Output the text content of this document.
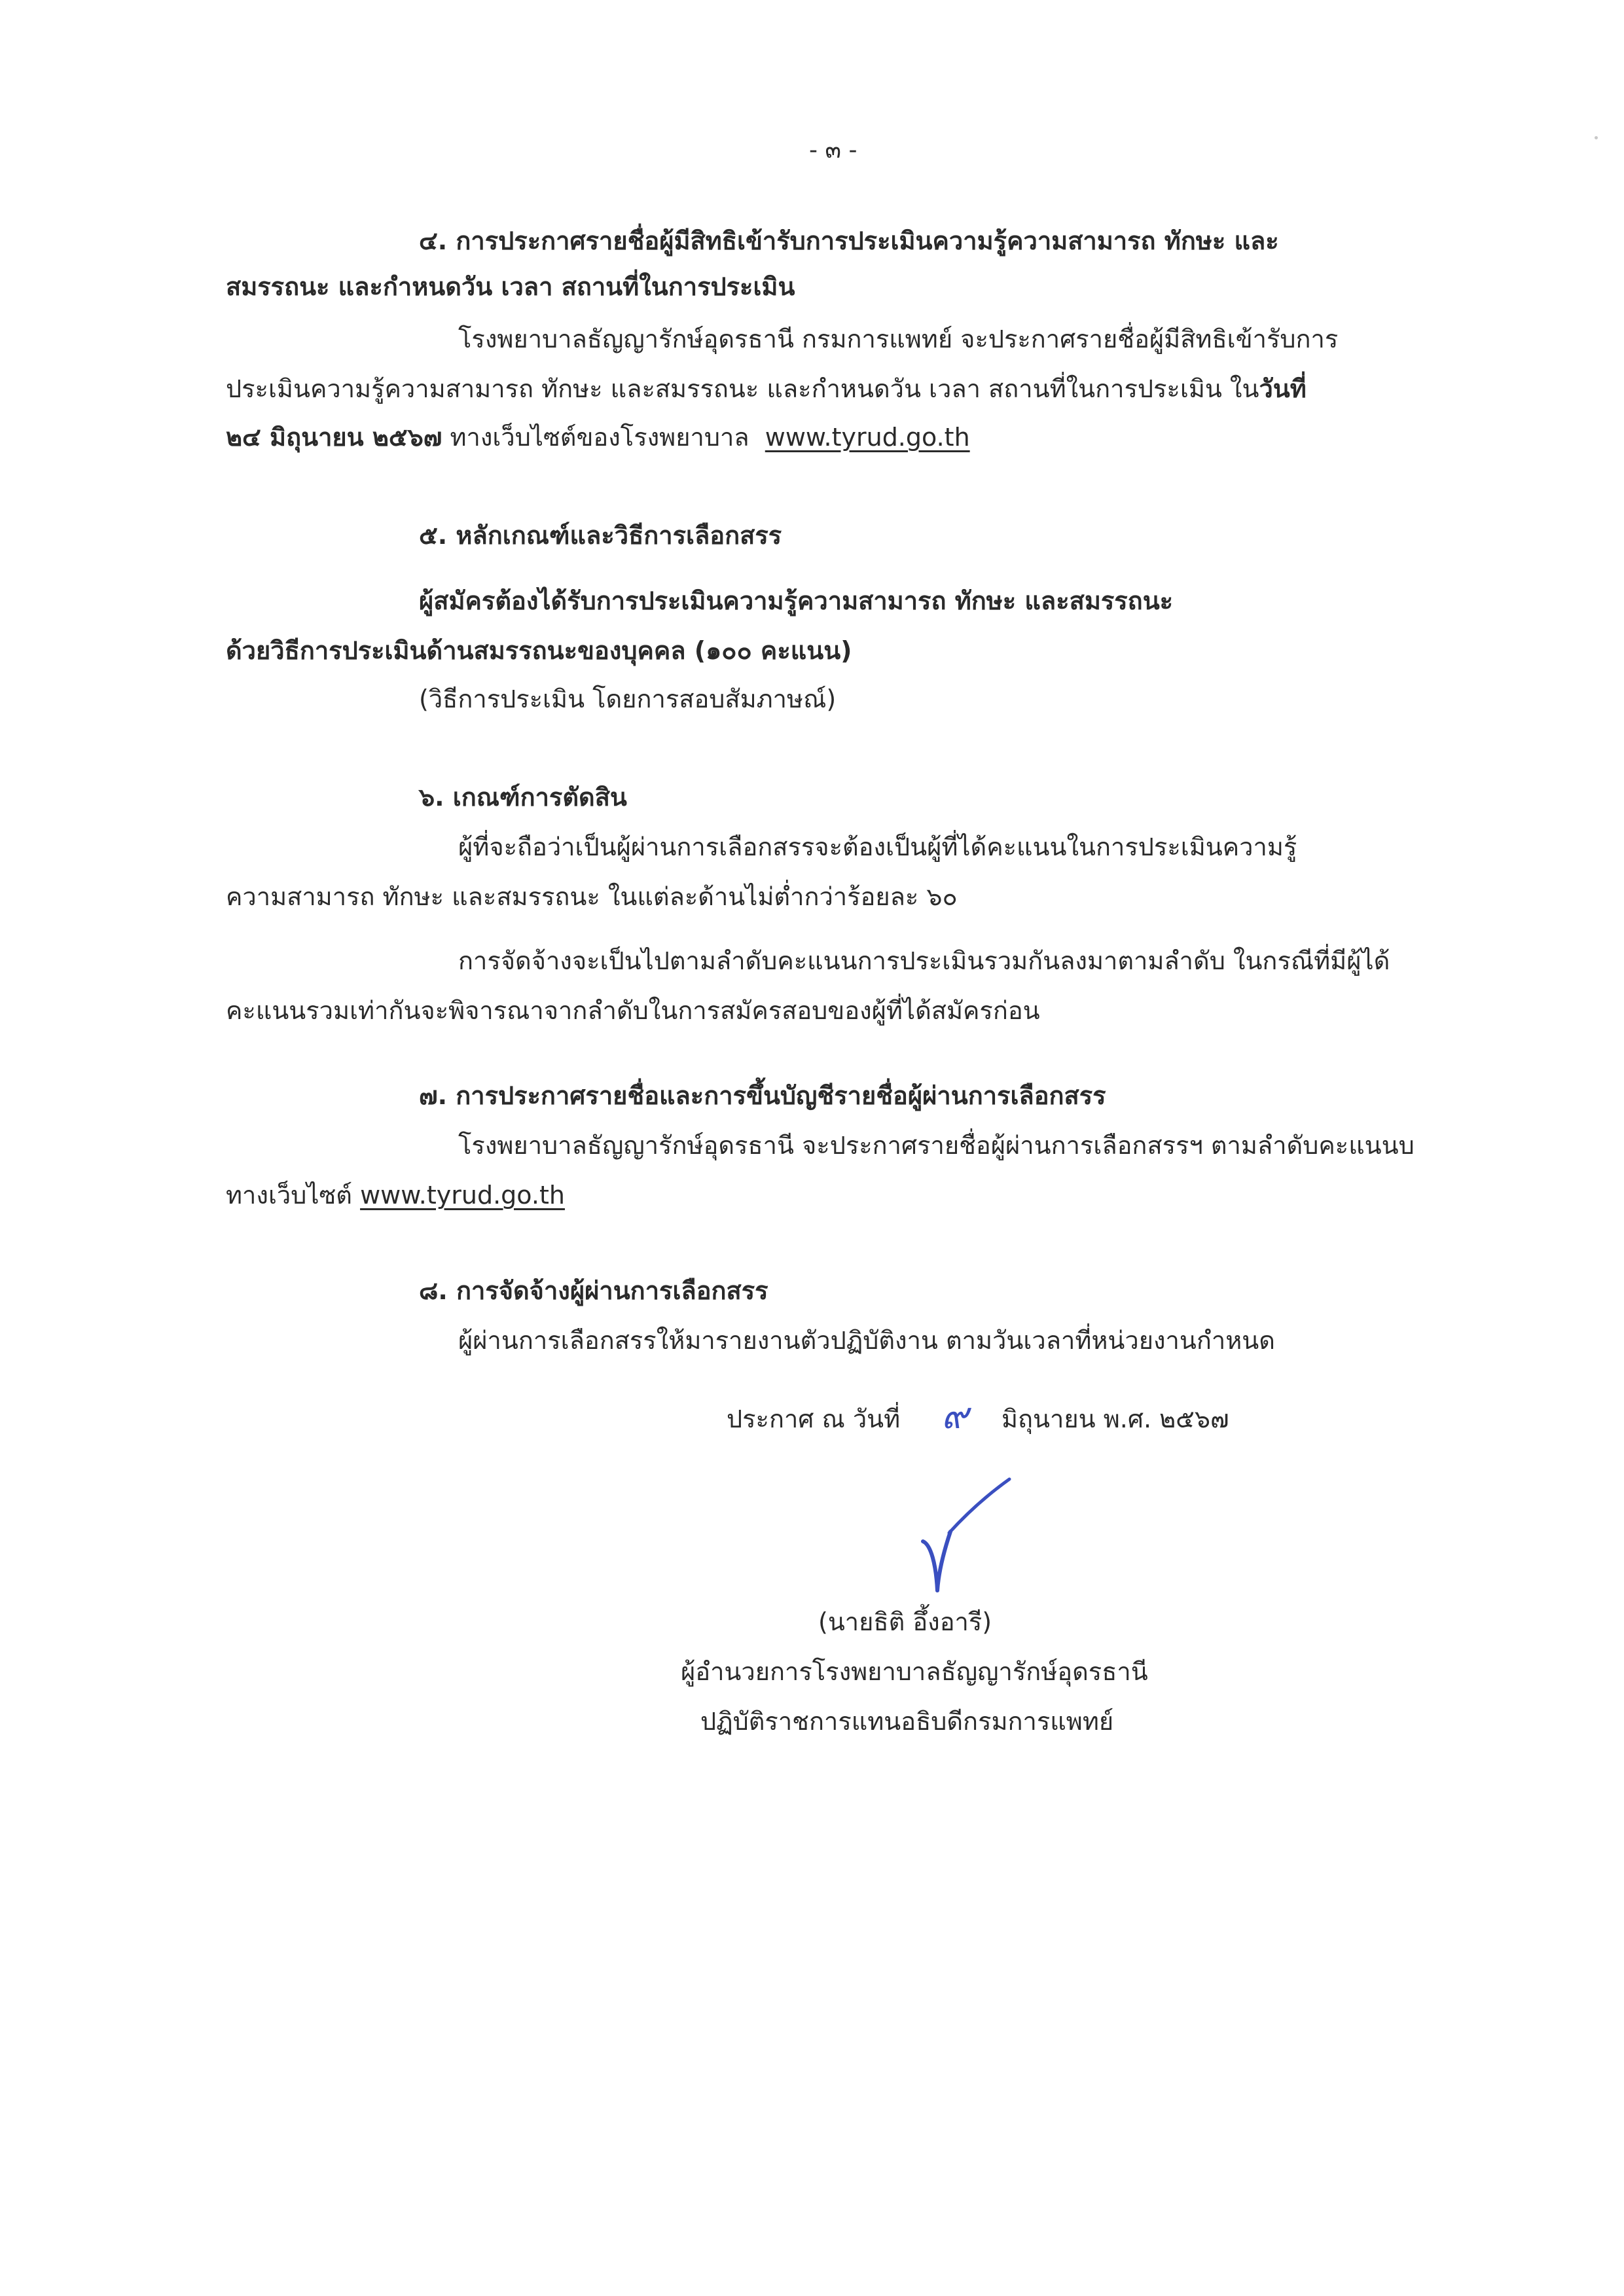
- ๓ -
๔. การประกาศรายชื่อผู้มีสิทธิเข้ารับการประเมินความรู้ความสามารถ ทักษะ และ
สมรรถนะ และกำหนดวัน เวลา สถานที่ในการประเมิน
โรงพยาบาลธัญญารักษ์อุดรธานี กรมการแพทย์ จะประกาศรายชื่อผู้มีสิทธิเข้ารับการ
ประเมินความรู้ความสามารถ ทักษะ และสมรรถนะ และกำหนดวัน เวลา สถานที่ในการประเมิน ในวันที่
๒๔ มิถุนายน ๒๕๖๗ ทางเว็บไซต์ของโรงพยาบาล www.tyrud.go.th
๕. หลักเกณฑ์และวิธีการเลือกสรร
ผู้สมัครต้องได้รับการประเมินความรู้ความสามารถ ทักษะ และสมรรถนะ
ด้วยวิธีการประเมินด้านสมรรถนะของบุคคล (๑๐๐ คะแนน)
(วิธีการประเมิน โดยการสอบสัมภาษณ์)
๖. เกณฑ์การตัดสิน
ผู้ที่จะถือว่าเป็นผู้ผ่านการเลือกสรรจะต้องเป็นผู้ที่ได้คะแนนในการประเมินความรู้
ความสามารถ ทักษะ และสมรรถนะ ในแต่ละด้านไม่ต่ำกว่าร้อยละ ๖๐
การจัดจ้างจะเป็นไปตามลำดับคะแนนการประเมินรวมกันลงมาตามลำดับ ในกรณีที่มีผู้ได้
คะแนนรวมเท่ากันจะพิจารณาจากลำดับในการสมัครสอบของผู้ที่ได้สมัครก่อน
๗. การประกาศรายชื่อและการขึ้นบัญชีรายชื่อผู้ผ่านการเลือกสรร
โรงพยาบาลธัญญารักษ์อุดรธานี จะประกาศรายชื่อผู้ผ่านการเลือกสรรฯ ตามลำดับคะแนนบ
ทางเว็บไซต์ www.tyrud.go.th
๘. การจัดจ้างผู้ผ่านการเลือกสรร
ผู้ผ่านการเลือกสรรให้มารายงานตัวปฏิบัติงาน ตามวันเวลาที่หน่วยงานกำหนด
ประกาศ ณ วันที่ ๙ มิถุนายน พ.ศ. ๒๕๖๗
(นายธิติ อึ้งอารี)
ผู้อำนวยการโรงพยาบาลธัญญารักษ์อุดรธานี
ปฏิบัติราชการแทนอธิบดีกรมการแพทย์
